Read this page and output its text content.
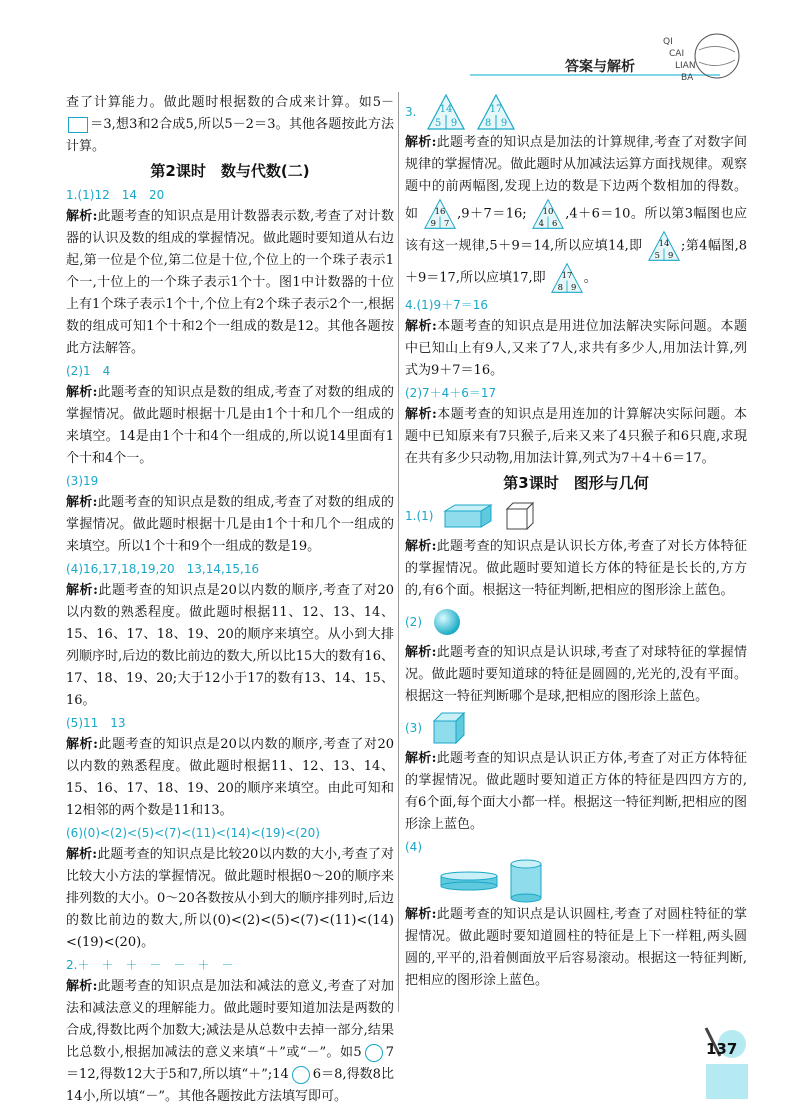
答案与解析
QI
CAI
LIAN
BA

查了计算能力。做此题时根据数的合成来计算。如5－＝3,想3和2合成5,所以5－2＝3。其他各题按此方法计算。

第2课时　数与代数(二)
1.(1)12　14　20

解析:此题考查的知识点是用计数器表示数,考查了对计数器的认识及数的组成的掌握情况。做此题时要知道从右边起,第一位是个位,第二位是十位,个位上的一个珠子表示1个一,十位上的一个珠子表示1个十。图1中计数器的十位上有1个珠子表示1个十,个位上有2个珠子表示2个一,根据数的组成可知1个十和2个一组成的数是12。其他各题按此方法解答。

(2)1　4

解析:此题考查的知识点是数的组成,考查了对数的组成的掌握情况。做此题时根据十几是由1个十和几个一组成的来填空。14是由1个十和4个一组成的,所以说14里面有1个十和4个一。

(3)19

解析:此题考查的知识点是数的组成,考查了对数的组成的掌握情况。做此题时根据十几是由1个十和几个一组成的来填空。所以1个十和9个一组成的数是19。

(4)16,17,18,19,20　13,14,15,16

解析:此题考查的知识点是20以内数的顺序,考查了对20以内数的熟悉程度。做此题时根据11、12、13、14、15、16、17、18、19、20的顺序来填空。从小到大排列顺序时,后边的数比前边的数大,所以比15大的数有16、17、18、19、20;大于12小于17的数有13、14、15、16。

(5)11　13

解析:此题考查的知识点是20以内数的顺序,考查了对20以内数的熟悉程度。做此题时根据11、12、13、14、15、16、17、18、19、20的顺序来填空。由此可知和12相邻的两个数是11和13。

(6)(0)<(2)<(5)<(7)<(11)<(14)<(19)<(20)

解析:此题考查的知识点是比较20以内数的大小,考查了对比较大小方法的掌握情况。做此题时根据0～20的顺序来排列数的大小。0～20各数按从小到大的顺序排列时,后边的数比前边的数大,所以(0)<(2)<(5)<(7)<(11)<(14)<(19)<(20)。

2.＋　＋　＋　－　－　＋　－

解析:此题考查的知识点是加法和减法的意义,考查了对加法和减法意义的理解能力。做此题时要知道加法是两数的合成,得数比两个加数大;减法是从总数中去掉一部分,结果比总数小,根据加减法的意义来填“＋”或“－”。如5 7＝12,得数12大于5和7,所以填“＋”;14 6＝8,得数8比14小,所以填“－”。其他各题按此方法填写即可。

3. 14
5 9
17
8 9

解析:此题考查的知识点是加法的计算规律,考查了对数字间规律的掌握情况。做此题时从加减法运算方面找规律。观察题中的前两幅图,发现上边的数是下边两个数相加的得数。如 16
9 7
,9＋7＝16; 10
4 6
,4＋6＝10。所以第3幅图也应该有这一规律,5＋9＝14,所以应填14,即 14
5 9
;第4幅图,8＋9＝17,所以应填17,即 17
8 9
。

4.(1)9＋7＝16

解析:本题考查的知识点是用进位加法解决实际问题。本题中已知山上有9人,又来了7人,求共有多少人,用加法计算,列式为9＋7＝16。

(2)7＋4＋6＝17

解析:本题考查的知识点是用连加的计算解决实际问题。本题中已知原来有7只猴子,后来又来了4只猴子和6只鹿,求現在共有多少只动物,用加法计算,列式为7＋4＋6＝17。

第3课时　图形与几何
1.(1)

解析:此题考查的知识点是认识长方体,考查了对长方体特征的掌握情况。做此题时要知道长方体的特征是长长的,方方的,有6个面。根据这一特征判断,把相应的图形涂上蓝色。

(2)

解析:此题考查的知识点是认识球,考查了对球特征的掌握情况。做此题时要知道球的特征是圆圆的,光光的,没有平面。根据这一特征判断哪个是球,把相应的图形涂上蓝色。

(3)

解析:此题考查的知识点是认识正方体,考查了对正方体特征的掌握情况。做此题时要知道正方体的特征是四四方方的,有6个面,每个面大小都一样。根据这一特征判断,把相应的图形涂上蓝色。

(4)

解析:此题考查的知识点是认识圆柱,考查了对圆柱特征的掌握情况。做此题时要知道圆柱的特征是上下一样粗,两头圆圆的,平平的,沿着侧面放平后容易滚动。根据这一特征判断,把相应的图形涂上蓝色。

137
